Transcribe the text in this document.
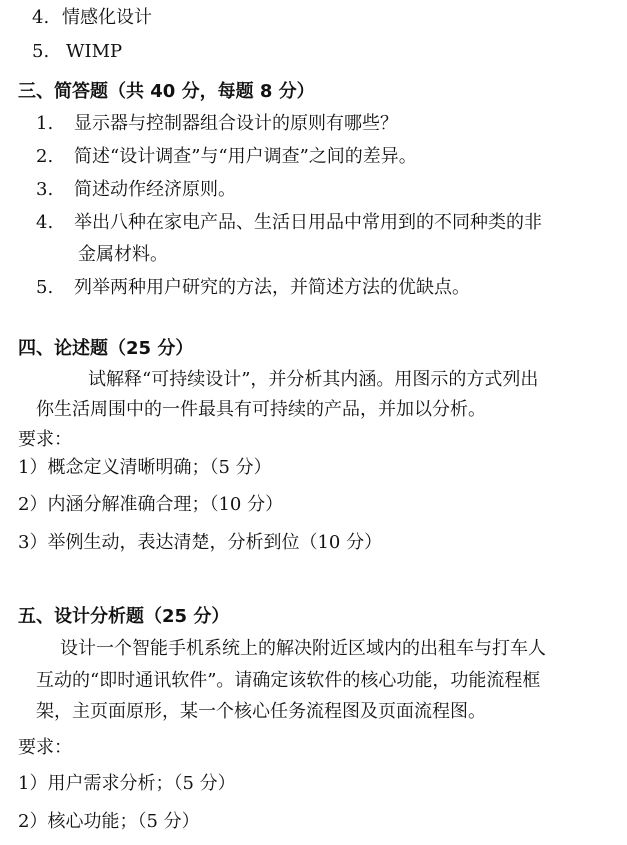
4. 情感化设计
5. WIMP
三、简答题（共 40 分，每题 8 分）
1. 显示器与控制器组合设计的原则有哪些？
2. 简述“设计调查”与“用户调查”之间的差异。
3. 简述动作经济原则。
4. 举出八种在家电产品、生活日用品中常用到的不同种类的非
金属材料。
5. 列举两种用户研究的方法，并简述方法的优缺点。
四、论述题（25 分）
试解释“可持续设计”，并分析其内涵。用图示的方式列出
你生活周围中的一件最具有可持续的产品，并加以分析。
要求：
1）概念定义清晰明确；（5 分）
2）内涵分解准确合理；（10 分）
3）举例生动，表达清楚，分析到位（10 分）
五、设计分析题（25 分）
设计一个智能手机系统上的解决附近区域内的出租车与打车人
互动的“即时通讯软件”。请确定该软件的核心功能，功能流程框
架，主页面原形，某一个核心任务流程图及页面流程图。
要求：
1）用户需求分析；（5 分）
2）核心功能；（5 分）
